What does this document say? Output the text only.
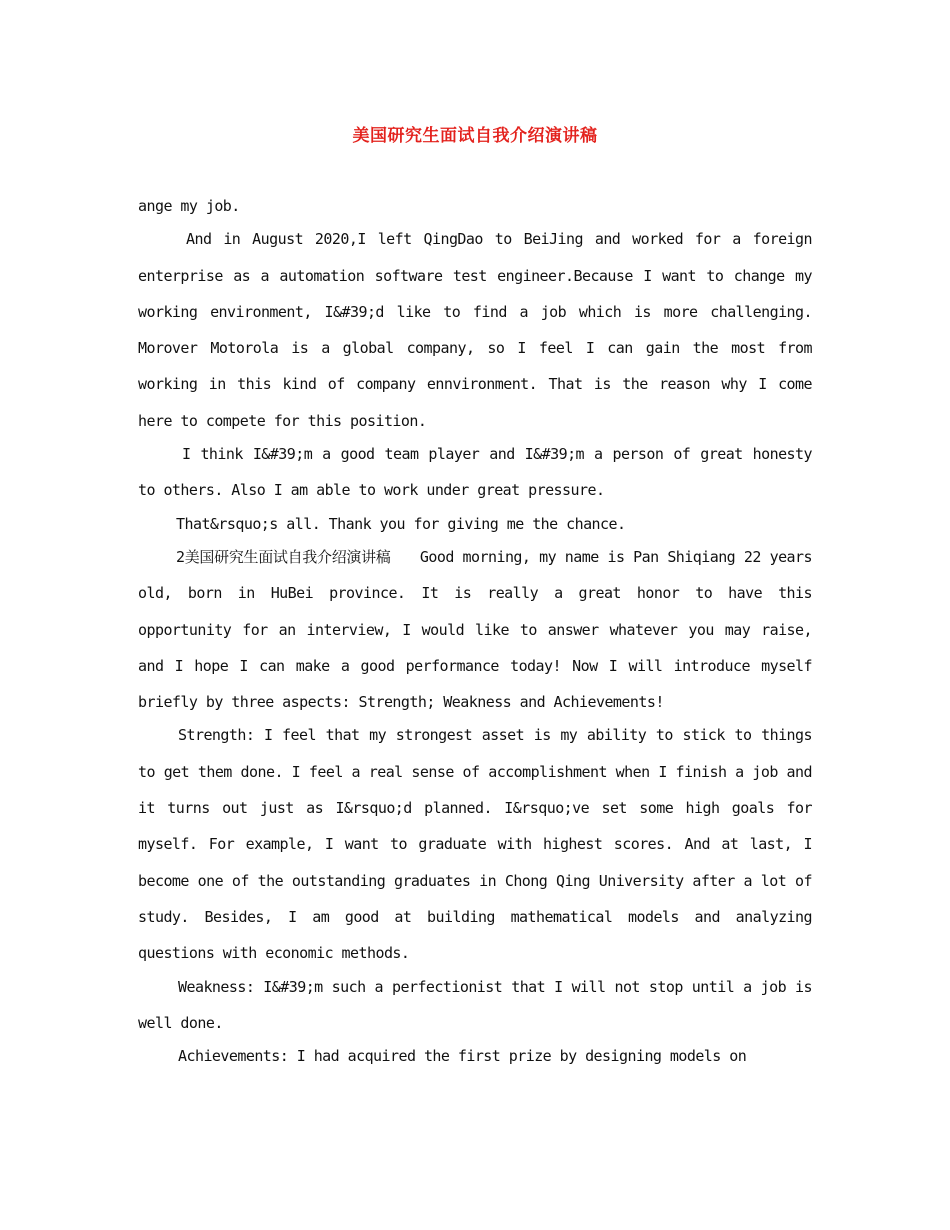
美国研究生面试自我介绍演讲稿

ange my job.

And in August 2020,I left QingDao to BeiJing and worked for a foreign enterprise as a automation software test engineer.Because I want to change my working environment, I&#39;d like to find a job which is more challenging. Morover Motorola is a global company, so I feel I can gain the most from working in this kind of company ennvironment. That is the reason why I come here to compete for this position.

I think I&#39;m a good team player and I&#39;m a person of great honesty to others. Also I am able to work under great pressure.

That&rsquo;s all. Thank you for giving me the chance.

2美国研究生面试自我介绍演讲稿　　Good morning, my name is Pan Shiqiang 22 years old, born in HuBei province. It is really a great honor to have this opportunity for an interview, I would like to answer whatever you may raise, and I hope I can make a good performance today! Now I will introduce myself briefly by three aspects: Strength; Weakness and Achievements!

Strength: I feel that my strongest asset is my ability to stick to things to get them done. I feel a real sense of accomplishment when I finish a job and it turns out just as I&rsquo;d planned. I&rsquo;ve set some high goals for myself. For example, I want to graduate with highest scores. And at last, I become one of the outstanding graduates in Chong Qing University after a lot of study. Besides, I am good at building mathematical models and analyzing questions with economic methods.

Weakness: I&#39;m such a perfectionist that I will not stop until a job is well done.

Achievements: I had acquired the first prize by designing models on
